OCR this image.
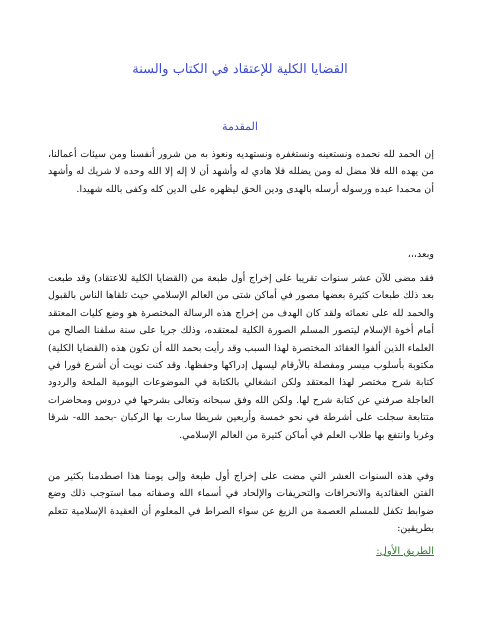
القضايا الكلية للإعتقاد في الكتاب والسنة
المقدمة

إن الحمد لله نحمده ونستعينه ونستغفره ونستهديه ونعوذ به من شرور أنفسنا ومن سيئات أعمالنا، من يهده الله فلا مضل له ومن يضلله فلا هادي له وأشهد أن لا إله إلا الله وحده لا شريك له وأشهد أن محمدا عبده ورسوله أرسله بالهدى ودين الحق ليظهره على الدين كله وكفى بالله شهيدا.

وبعد،،،

فقد مضى للآن عشر سنوات تقريبا على إخراج أول طبعة من (القضايا الكلية للاعتقاد) وقد طبعت بعد ذلك طبعات كثيرة بعضها مصور في أماكن شتى من العالم الإسلامي حيث تلقاها الناس بالقبول والحمد لله على نعمائه ولقد كان الهدف من إخراج هذه الرسالة المختصرة هو وضع كليات المعتقد أمام أخوة الإسلام ليتصور المسلم الصورة الكلية لمعتقده، وذلك جريا على سنة سلفنا الصالح من العلماء الذين ألفوا العقائد المختصرة لهذا السبب وقد رأيت بحمد الله أن تكون هذه (القضايا الكلية) مكتوبة بأسلوب ميسر ومفصلة بالأرقام ليسهل إدراكها وحفظها. وقد كنت نويت أن أشرع فورا في كتابة شرح مختصر لهذا المعتقد ولكن انشغالي بالكتابة في الموضوعات اليومية الملحة والردود العاجلة صرفني عن كتابة شرح لها. ولكن الله وفق سبحانه وتعالى بشرحها في دروس ومحاضرات متتابعة سجلت على أشرطة في نحو خمسة وأربعين شريطا سارت بها الركبان -بحمد الله- شرقا وغربا وانتفع بها طلاب العلم في أماكن كثيرة من العالم الإسلامي.

وفي هذه السنوات العشر التي مضت على إخراج أول طبعة وإلى يومنا هذا اصطدمنا بكثير من الفتن العقائدية والانحرافات والتحريفات والإلحاد في أسماء الله وصفاته مما استوجب ذلك وضع ضوابط تكفل للمسلم العصمة من الزيغ عن سواء الصراط في المعلوم أن العقيدة الإسلامية تتعلم بطريقين:

الطريق الأول:
